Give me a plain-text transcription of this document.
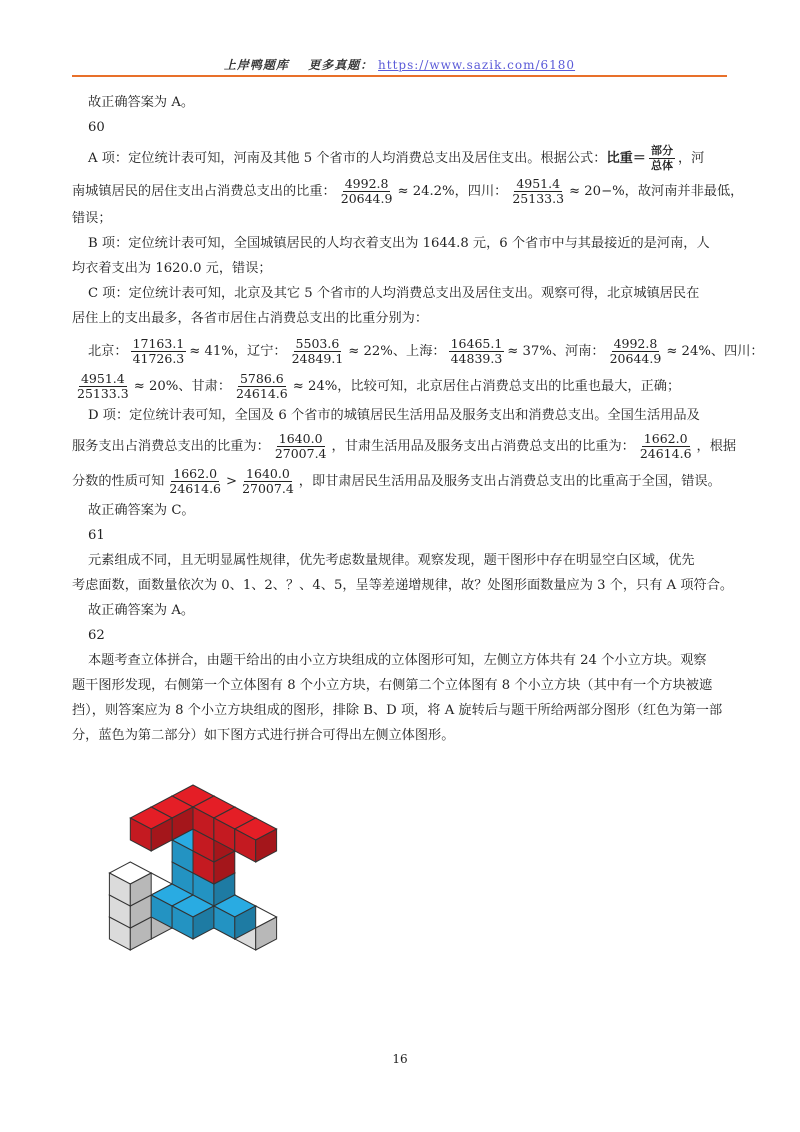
上岸鸭题库 更多真题： https://www.sazik.com/6180
故正确答案为 A。
60
A 项：定位统计表可知，河南及其他 5 个省市的人均消费总支出及居住支出。根据公式： 比重＝ $\frac{\text{部分}}{\text{总体}}$ ，河
南城镇居民的居住支出占消费总支出的比重： $\frac{4992.8}{20644.9} \approx 24.2\%$，四川： $\frac{4951.4}{25133.3} \approx 20-\%$，故河南并非最低，
错误；
B 项：定位统计表可知，全国城镇居民的人均衣着支出为 1644.8 元，6 个省市中与其最接近的是河南，人
均衣着支出为 1620.0 元，错误；
C 项：定位统计表可知，北京及其它 5 个省市的人均消费总支出及居住支出。观察可得，北京城镇居民在
居住上的支出最多，各省市居住占消费总支出的比重分别为：
北京： $\frac{17163.1}{41726.3} \approx 41\%$，辽宁： $\frac{5503.6}{24849.1} \approx 22\%$、上海： $\frac{16465.1}{44839.3} \approx 37\%$、河南： $\frac{4992.8}{20644.9} \approx 24\%$、四川：
$\frac{4951.4}{25133.3} \approx 20\%$、甘肃： $\frac{5786.6}{24614.6} \approx 24\%$，比较可知，北京居住占消费总支出的比重也最大，正确；
D 项：定位统计表可知，全国及 6 个省市的城镇居民生活用品及服务支出和消费总支出。全国生活用品及
服务支出占消费总支出的比重为： $\frac{1640.0}{27007.4}$ ，甘肃生活用品及服务支出占消费总支出的比重为： $\frac{1662.0}{24614.6}$ ，根据
分数的性质可知 $\frac{1662.0}{24614.6} > \frac{1640.0}{27007.4}$ ，即甘肃居民生活用品及服务支出占消费总支出的比重高于全国，错误。
故正确答案为 C。
61
元素组成不同，且无明显属性规律，优先考虑数量规律。观察发现，题干图形中存在明显空白区域，优先
考虑面数，面数量依次为 0、1、2、？、4、5，呈等差递增规律，故？处图形面数量应为 3 个，只有 A 项符合。
故正确答案为 A。
62
本题考查立体拼合，由题干给出的由小立方块组成的立体图形可知，左侧立方体共有 24 个小立方块。观察
题干图形发现，右侧第一个立体图有 8 个小立方块，右侧第二个立体图有 8 个小立方块（其中有一个方块被遮
挡），则答案应为 8 个小立方块组成的图形，排除 B、D 项，将 A 旋转后与题干所给两部分图形（红色为第一部
分，蓝色为第二部分）如下图方式进行拼合可得出左侧立体图形。
16
